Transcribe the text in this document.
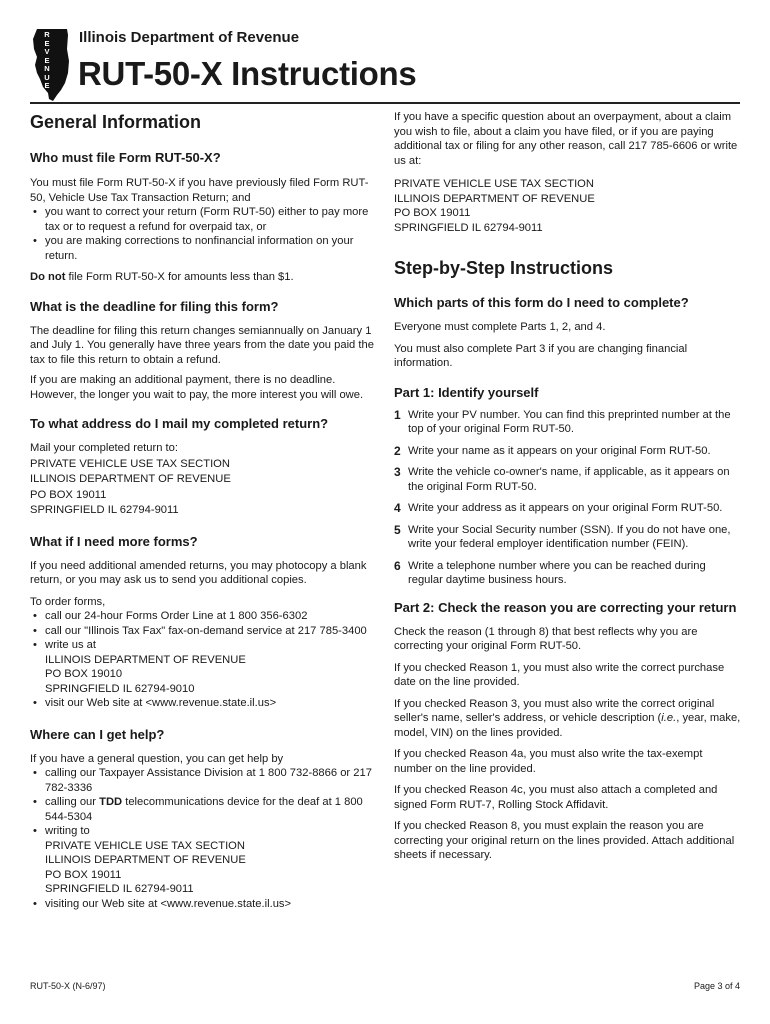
REVENUE
Illinois Department of Revenue
RUT-50-X Instructions
General Information
Who must file Form RUT-50-X?

You must file Form RUT-50-X if you have previously filed Form RUT-50, Vehicle Use Tax Transaction Return; and

• you want to correct your return (Form RUT-50) either to pay more tax or to request a refund for overpaid tax, or
• you are making corrections to nonfinancial information on your return.

Do not file Form RUT-50-X for amounts less than $1.

What is the deadline for filing this form?

The deadline for filing this return changes semiannually on January 1 and July 1. You generally have three years from the date you paid the tax to file this return to obtain a refund.

If you are making an additional payment, there is no deadline. However, the longer you wait to pay, the more interest you will owe.

To what address do I mail my completed return?

Mail your completed return to:

PRIVATE VEHICLE USE TAX SECTION
ILLINOIS DEPARTMENT OF REVENUE
PO BOX 19011
SPRINGFIELD IL 62794-9011
What if I need more forms?

If you need additional amended returns, you may photocopy a blank return, or you may ask us to send you additional copies.

To order forms,

• call our 24-hour Forms Order Line at 1 800 356-6302
• call our "Illinois Tax Fax" fax-on-demand service at 217 785-3400
• write us at
ILLINOIS DEPARTMENT OF REVENUE
PO BOX 19010
SPRINGFIELD IL 62794-9010
• visit our Web site at <www.revenue.state.il.us>
Where can I get help?

If you have a general question, you can get help by

• calling our Taxpayer Assistance Division at 1 800 732-8866 or 217 782-3336
• calling our TDD telecommunications device for the deaf at 1 800 544-5304
• writing to
PRIVATE VEHICLE USE TAX SECTION
ILLINOIS DEPARTMENT OF REVENUE
PO BOX 19011
SPRINGFIELD IL 62794-9011
• visiting our Web site at <www.revenue.state.il.us>

If you have a specific question about an overpayment, about a claim you wish to file, about a claim you have filed, or if you are paying additional tax or filing for any other reason, call 217 785-6606 or write us at:

PRIVATE VEHICLE USE TAX SECTION
ILLINOIS DEPARTMENT OF REVENUE
PO BOX 19011
SPRINGFIELD IL 62794-9011
Step-by-Step Instructions
Which parts of this form do I need to complete?

Everyone must complete Parts 1, 2, and 4.

You must also complete Part 3 if you are changing financial information.

Part 1: Identify yourself
1 Write your PV number. You can find this preprinted number at the top of your original Form RUT-50.
2 Write your name as it appears on your original Form RUT-50.
3 Write the vehicle co-owner's name, if applicable, as it appears on the original Form RUT-50.
4 Write your address as it appears on your original Form RUT-50.
5 Write your Social Security number (SSN). If you do not have one, write your federal employer identification number (FEIN).
6 Write a telephone number where you can be reached during regular daytime business hours.
Part 2: Check the reason you are correcting your return

Check the reason (1 through 8) that best reflects why you are correcting your original Form RUT-50.

If you checked Reason 1, you must also write the correct purchase date on the line provided.

If you checked Reason 3, you must also write the correct original seller's name, seller's address, or vehicle description (i.e., year, make, model, VIN) on the lines provided.

If you checked Reason 4a, you must also write the tax-exempt number on the line provided.

If you checked Reason 4c, you must also attach a completed and signed Form RUT-7, Rolling Stock Affidavit.

If you checked Reason 8, you must explain the reason you are correcting your original return on the lines provided. Attach additional sheets if necessary.

RUT-50-X (N-6/97)	Page 3 of 4
